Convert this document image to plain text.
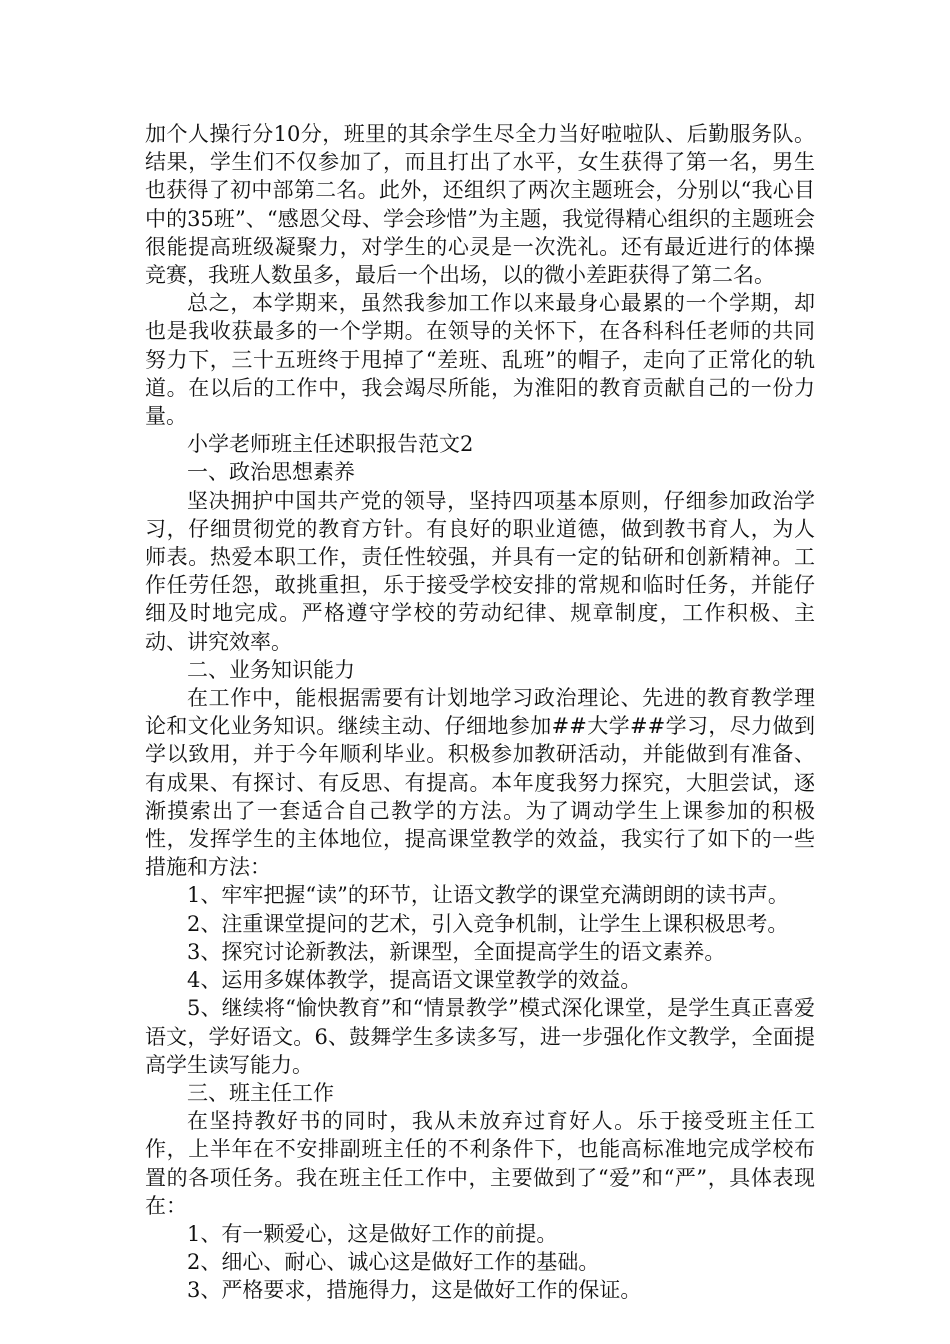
加个人操行分10分，班里的其余学生尽全力当好啦啦队、后勤服务队。结果，学生们不仅参加了，而且打出了水平，女生获得了第一名，男生也获得了初中部第二名。此外，还组织了两次主题班会，分别以“我心目中的35班”、“感恩父母、学会珍惜”为主题，我觉得精心组织的主题班会很能提高班级凝聚力，对学生的心灵是一次洗礼。还有最近进行的体操竞赛，我班人数虽多，最后一个出场，以的微小差距获得了第二名。

总之，本学期来，虽然我参加工作以来最身心最累的一个学期，却也是我收获最多的一个学期。在领导的关怀下，在各科科任老师的共同努力下，三十五班终于甩掉了“差班、乱班”的帽子，走向了正常化的轨道。在以后的工作中，我会竭尽所能，为淮阳的教育贡献自己的一份力量。

小学老师班主任述职报告范文2

一、政治思想素养

坚决拥护中国共产党的领导，坚持四项基本原则，仔细参加政治学习，仔细贯彻党的教育方针。有良好的职业道德，做到教书育人，为人师表。热爱本职工作，责任性较强，并具有一定的钻研和创新精神。工作任劳任怨，敢挑重担，乐于接受学校安排的常规和临时任务，并能仔细及时地完成。严格遵守学校的劳动纪律、规章制度，工作积极、主动、讲究效率。

二、业务知识能力

在工作中，能根据需要有计划地学习政治理论、先进的教育教学理论和文化业务知识。继续主动、仔细地参加##大学##学习，尽力做到学以致用，并于今年顺利毕业。积极参加教研活动，并能做到有准备、有成果、有探讨、有反思、有提高。本年度我努力探究，大胆尝试，逐渐摸索出了一套适合自己教学的方法。为了调动学生上课参加的积极性，发挥学生的主体地位，提高课堂教学的效益，我实行了如下的一些措施和方法：

1、牢牢把握“读”的环节，让语文教学的课堂充满朗朗的读书声。

2、注重课堂提问的艺术，引入竞争机制，让学生上课积极思考。

3、探究讨论新教法，新课型，全面提高学生的语文素养。

4、运用多媒体教学，提高语文课堂教学的效益。

5、继续将“愉快教育”和“情景教学”模式深化课堂，是学生真正喜爱语文，学好语文。6、鼓舞学生多读多写，进一步强化作文教学，全面提高学生读写能力。

三、班主任工作

在坚持教好书的同时，我从未放弃过育好人。乐于接受班主任工作，上半年在不安排副班主任的不利条件下，也能高标准地完成学校布置的各项任务。我在班主任工作中，主要做到了“爱”和“严”，具体表现在：

1、有一颗爱心，这是做好工作的前提。

2、细心、耐心、诚心这是做好工作的基础。

3、严格要求，措施得力，这是做好工作的保证。
